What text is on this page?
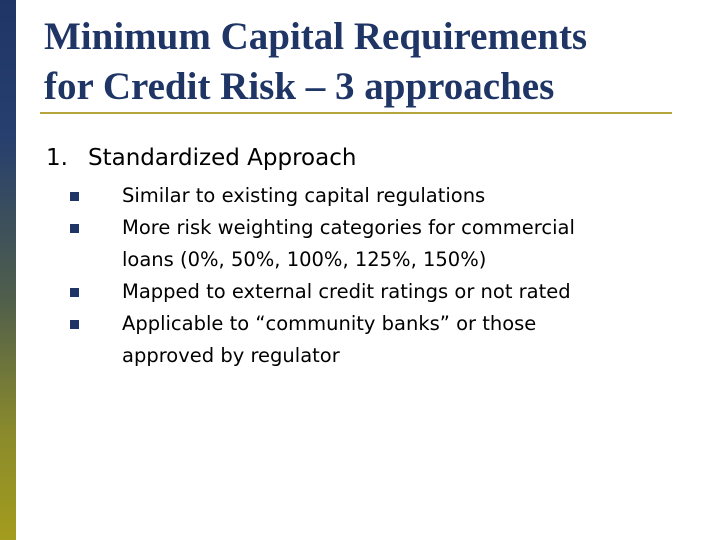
Minimum Capital Requirements
for Credit Risk – 3 approaches
1. Standardized Approach
Similar to existing capital regulations
More risk weighting categories for commercial
loans (0%, 50%, 100%, 125%, 150%)
Mapped to external credit ratings or not rated
Applicable to “community banks” or those
approved by regulator
